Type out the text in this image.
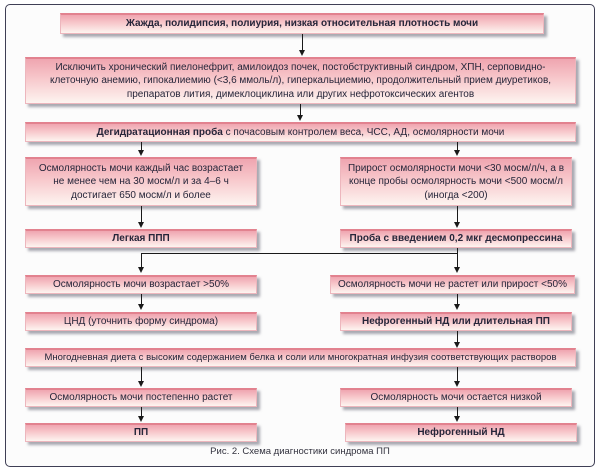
Жажда, полидипсия, полиурия, низкая относительная плотность мочи
Исключить хронический пиелонефрит, амилоидоз почек, постобструктивный синдром, ХПН, серповидно-клеточную анемию, гипокалиемию (<3,6 ммоль/л), гиперкальциемию, продолжительный прием диуретиков, препаратов лития, димеклоциклина или других нефротоксических агентов
Дегидратационная проба с почасовым контролем веса, ЧСС, АД, осмолярности мочи
Осмолярность мочи каждый час возрастает не менее чем на 30 мосм/л и за 4–6 ч достигает 650 мосм/л и более
Прирост осмолярности мочи <30 мосм/л/ч, а в конце пробы осмолярность мочи <500 мосм/л (иногда <200)
Легкая ППП	Проба с введением 0,2 мкг десмопрессина
Осмолярность мочи возрастает >50%	Осмолярность мочи не растет или прирост <50%
ЦНД (уточнить форму синдрома)	Нефрогенный НД или длительная ПП
Многодневная диета с высоким содержанием белка и соли или многократная инфузия соответствующих растворов
Осмолярность мочи постепенно растет	Осмолярность мочи остается низкой
ПП	Нефрогенный НД
Рис. 2. Схема диагностики синдрома ПП
